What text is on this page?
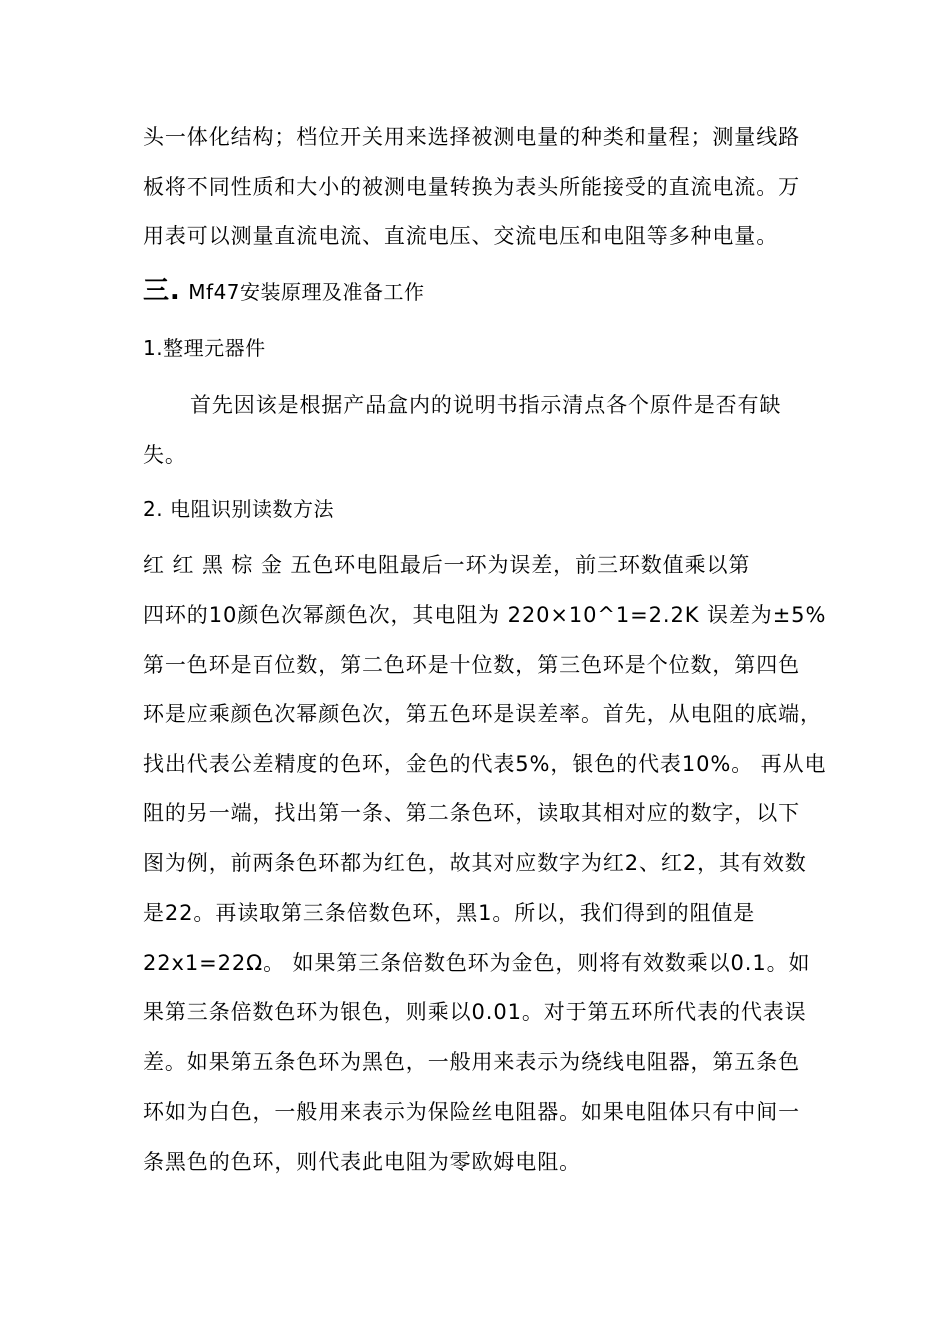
头一体化结构；档位开关用来选择被测电量的种类和量程；测量线路
板将不同性质和大小的被测电量转换为表头所能接受的直流电流。万
用表可以测量直流电流、直流电压、交流电压和电阻等多种电量。
三. Mf47安装原理及准备工作
1.整理元器件
首先因该是根据产品盒内的说明书指示清点各个原件是否有缺
失。
2. 电阻识别读数方法
红 红 黑 棕 金 五色环电阻最后一环为误差，前三环数值乘以第
四环的10颜色次幂颜色次，其电阻为 220×10^1=2.2K 误差为±5%
第一色环是百位数，第二色环是十位数，第三色环是个位数，第四色
环是应乘颜色次幂颜色次，第五色环是误差率。首先，从电阻的底端，
找出代表公差精度的色环，金色的代表5%，银色的代表10%。 再从电
阻的另一端，找出第一条、第二条色环，读取其相对应的数字，以下
图为例，前两条色环都为红色，故其对应数字为红2、红2，其有效数
是22。再读取第三条倍数色环，黑1。所以，我们得到的阻值是
22x1=22Ω。 如果第三条倍数色环为金色，则将有效数乘以0.1。如
果第三条倍数色环为银色，则乘以0.01。对于第五环所代表的代表误
差。如果第五条色环为黑色，一般用来表示为绕线电阻器，第五条色
环如为白色，一般用来表示为保险丝电阻器。如果电阻体只有中间一
条黑色的色环，则代表此电阻为零欧姆电阻。
